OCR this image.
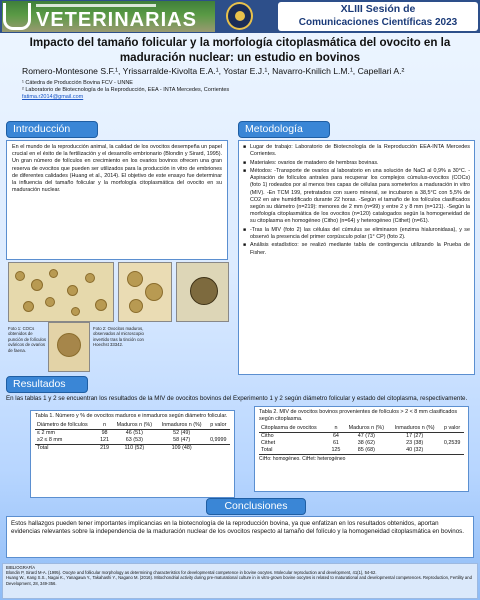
VETERINARIAS	XLIII Sesión de
Comunicaciones Científicas 2023
Impacto del tamaño folicular y la morfología citoplasmática del ovocito en la maduración nuclear: un estudio en bovinos
Romero-Montesone S.F.¹, Yrissarralde-Kivolta E.A.¹, Yostar E.J.¹, Navarro-Knilich L.M.¹, Capellari A.²
¹ Cátedra de Producción Bovina FCV - UNNE
² Laboratorio de Biotecnología de la Reproducción, EEA - INTA Mercedes, Corrientes
fatima.r2014@gmail.com
Introducción
En el mundo de la reproducción animal, la calidad de los ovocitos desempeña un papel crucial en el éxito de la fertilización y el desarrollo embrionario (Blondin y Sirard, 1995). Un gran número de folículos en crecimiento en los ovarios bovinos ofrecen una gran reserva de ovocitos que pueden ser utilizados para la producción in vitro de embriones de diferentes calidades (Huang et al., 2014). El objetivo de este ensayo fue determinar la influencia del tamaño folicular y la morfología citoplasmática del ovocito en su maduración nuclear.
Foto 1: COCs obtenidos de punción de folículos ováricos de ovarios de faena.
Foto 2: Ovocitos maduros, observados al microscopio invertido tras la tinción con Hoechst 33342.
Metodología
■ Lugar de trabajo: Laboratorio de Biotecnología de la Reproducción EEA-INTA Mercedes Corrientes.
■ Materiales: ovarios de matadero de hembras bovinas.
■ Métodos: -Transporte de ovarios al laboratorio en una solución de NaCl al 0,9% a 30°C. -Aspiración de folículos antrales para recuperar los complejos cúmulus-ovocitos (COCs) (foto 1) rodeados por al menos tres capas de células para someterlos a maduración in vitro (MIV). -En TCM 199, pretratados con suero mineral, se incubaron a 38,5°C con 5,5% de CO2 en aire humidificado durante 22 horas. -Según el tamaño de los folículos clasificados según su diámetro (n=219): menores de 2 mm (n=99) y entre 2 y 8 mm (n=121). -Según la morfología citoplasmática de los ovocitos (n=120) catalogados según la homogeneidad de su citoplasma en homogéneo (Citho) (n=64) y heterogéneo (Cithet) (n=61).
■ -Tras la MIV (foto 2) las células del cúmulus se eliminaron (enzima hialuronidasa), y se observó la presencia del primer corpúsculo polar (1° CP) (foto 2).
■ Análisis estadístico: se realizó mediante tabla de contingencia utilizando la Prueba de Fisher.
Resultados
En las tablas 1 y 2 se encuentran los resultados de la MIV de ovocitos bovinos del Experimento 1 y 2 según diámetro folicular y estado del citoplasma, respectivamente.
Tabla 1. Número y % de ovocitos maduros e inmaduros según diámetro folicular.
Diámetro de folículos	n	Maduros n (%)	Inmaduros n (%)	p valor
≤ 2 mm	98	46 (51)	52 (49)	
≥2 ≤ 8 mm	121	63 (53)	58 (47)	0,9999
Total	219	110 (52)	109 (48)	
Tabla 2. MIV de ovocitos bovinos provenientes de folículos > 2 < 8 mm clasificados según citoplasma.
Citoplasma de ovocitos	n	Maduros n (%)	Inmaduros n (%)	p valor
Citho	64	47 (73)	17 (27)	
Cithet	61	38 (62)	23 (38)	0,2539
Total	125	85 (68)	40 (32)	
CiHo: homogéneo. CiHet: heterogéneo
Conclusiones
Estos hallazgos pueden tener importantes implicancias en la biotecnología de la reproducción bovina, ya que enfatizan en los resultados obtenidos, aportan evidencias relevantes sobre la independencia de la maduración nuclear de los ovocitos respecto al tamaño del folículo y la homogeneidad citoplasmática en bovinos.
BIBLIOGRAFÍA
Blondin P, Sirard M-A. (1995). Oocyte and follicular morphology as determining characteristics for developmental competence in bovine oocytes. Molecular reproduction and development, 41(1), 54-62.
Huang W., Kang S.S., Nagai K., Yanagawa Y., Takahashi Y., Nagano M. (2016). Mitochondrial activity during pre-maturational culture in in vitro-grown bovine oocytes is related to maturational and developmental competences. Reproduction, Fertility and Development, 28, 349-356.
